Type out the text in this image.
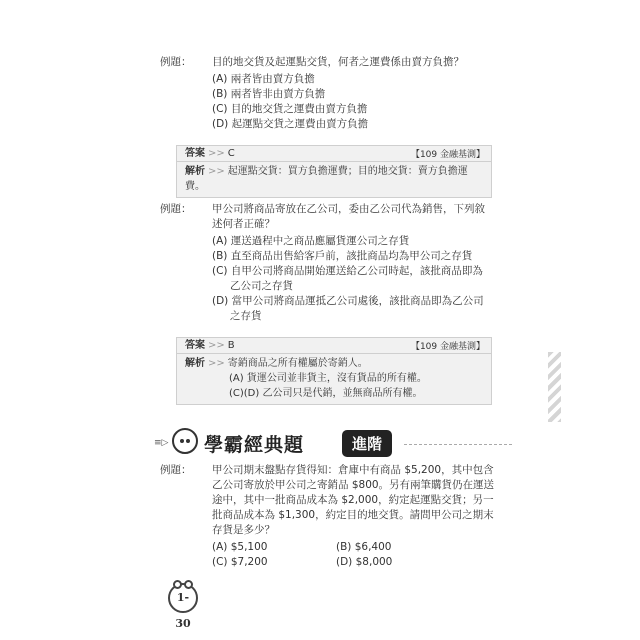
例題：	目的地交貨及起運點交貨，何者之運費係由賣方負擔？
(A) 兩者皆由賣方負擔
(B) 兩者皆非由賣方負擔
(C) 目的地交貨之運費由賣方負擔
(D) 起運點交貨之運費由賣方負擔
答案 >> C	【109 金融基測】
解析 >> 起運點交貨：買方負擔運費；目的地交貨：賣方負擔運費。
例題：	甲公司將商品寄放在乙公司，委由乙公司代為銷售，下列敘
述何者正確？
(A) 運送過程中之商品應屬貨運公司之存貨
(B) 直至商品出售給客戶前，該批商品均為甲公司之存貨
(C) 自甲公司將商品開始運送給乙公司時起，該批商品即為
乙公司之存貨
(D) 當甲公司將商品運抵乙公司處後，該批商品即為乙公司
之存貨
答案 >> B	【109 金融基測】
解析 >> 寄銷商品之所有權屬於寄銷人。
(A) 貨運公司並非貨主，沒有貨品的所有權。
(C)(D) 乙公司只是代銷，並無商品所有權。
≡▷ 學霸經典題	進階
例題：	甲公司期末盤點存貨得知：倉庫中有商品 $5,200，其中包含
乙公司寄放於甲公司之寄銷品 $800。另有兩筆購貨仍在運送
途中，其中一批商品成本為 $2,000，約定起運點交貨；另一
批商品成本為 $1,300，約定目的地交貨。請問甲公司之期末
存貨是多少？
(A) $5,100	(B) $6,400
(C) $7,200	(D) $8,000
1-30
